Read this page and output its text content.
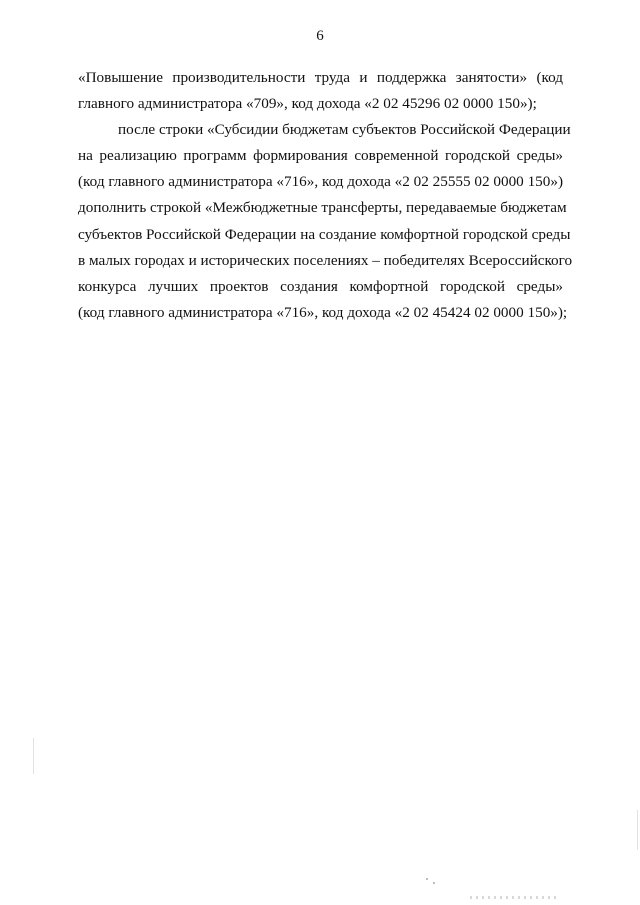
6

«Повышение производительности труда и поддержка занятости» (код
главного администратора «709», код дохода «2 02 45296 02 0000 150»);

после строки «Субсидии бюджетам субъектов Российской Федерации
на реализацию программ формирования современной городской среды»
(код главного администратора «716», код дохода «2 02 25555 02 0000 150»)
дополнить строкой «Межбюджетные трансферты, передаваемые бюджетам
субъектов Российской Федерации на создание комфортной городской среды
в малых городах и исторических поселениях – победителях Всероссийского
конкурса лучших проектов создания комфортной городской среды»
(код главного администратора «716», код дохода «2 02 45424 02 0000 150»);
